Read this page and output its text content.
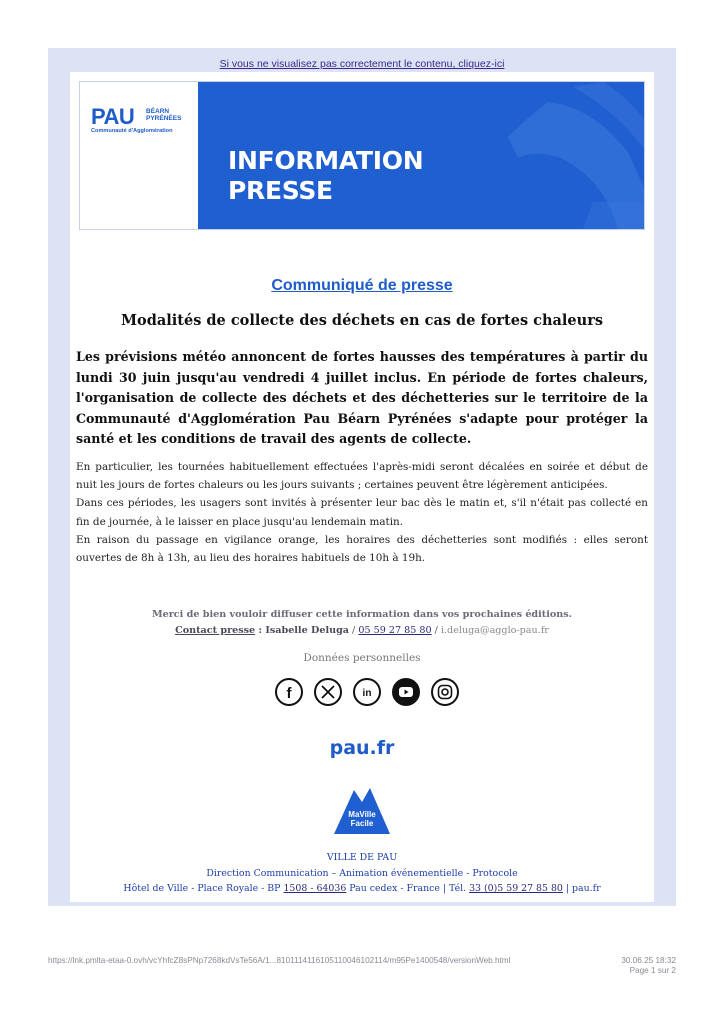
Si vous ne visualisez pas correctement le contenu, cliquez-ici
PAU BÉARN
PYRÉNÉES
Communauté d'Agglomération
INFORMATION
PRESSE
Communiqué de presse
Modalités de collecte des déchets en cas de fortes chaleurs
Les prévisions météo annoncent de fortes hausses des températures à partir du lundi 30 juin jusqu'au vendredi 4 juillet inclus. En période de fortes chaleurs, l'organisation de collecte des déchets et des déchetteries sur le territoire de la Communauté d'Agglomération Pau Béarn Pyrénées s'adapte pour protéger la santé et les conditions de travail des agents de collecte.

En particulier, les tournées habituellement effectuées l'après-midi seront décalées en soirée et début de nuit les jours de fortes chaleurs ou les jours suivants ; certaines peuvent être légèrement anticipées.

Dans ces périodes, les usagers sont invités à présenter leur bac dès le matin et, s'il n'était pas collecté en fin de journée, à le laisser en place jusqu'au lendemain matin.

En raison du passage en vigilance orange, les horaires des déchetteries sont modifiés : elles seront ouvertes de 8h à 13h, au lieu des horaires habituels de 10h à 19h.

Merci de bien vouloir diffuser cette information dans vos prochaines éditions.
Contact presse : Isabelle Deluga / 05 59 27 85 80 / i.deluga@agglo-pau.fr
Données personnelles
f	in
pau.fr
MaVille
Facile
VILLE DE PAU
Direction Communication – Animation événementielle - Protocole
Hôtel de Ville - Place Royale - BP 1508 - 64036 Pau cedex - France | Tél. 33 (0)5 59 27 85 80 | pau.fr
https://lnk.pmlta-etaa-0.ovh/vcYhfcZ8sPNp7268kdVsTe56A/1...81011141161051100461021​14/m95Pe1400548/versionWeb.html	30.06.25 18:32
Page 1 sur 2
